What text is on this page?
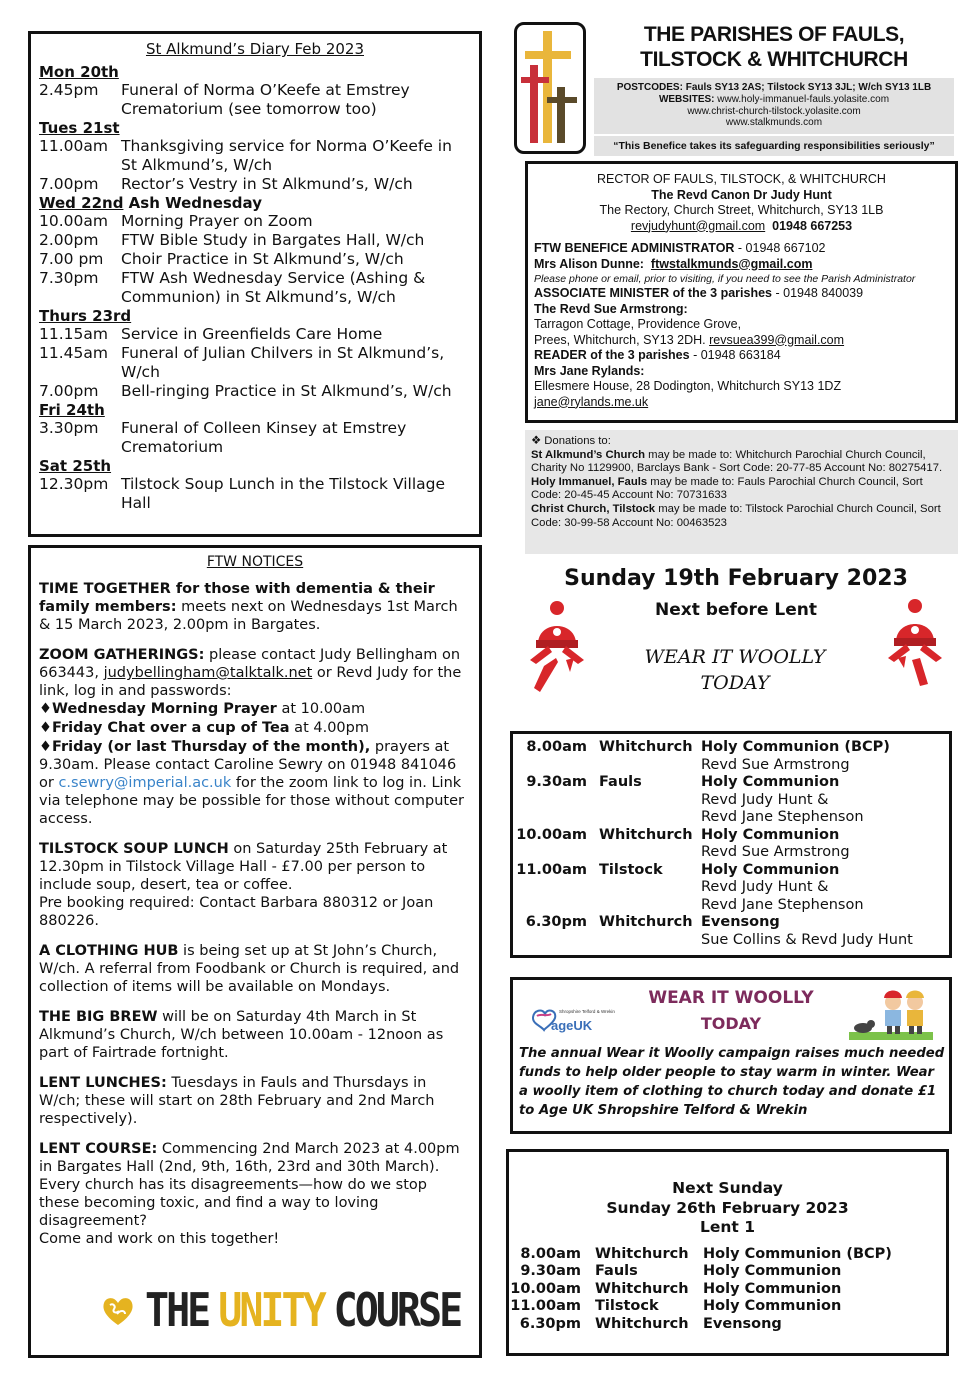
St Alkmund’s Diary Feb 2023
Mon 20th
2.45pm	Funeral of Norma O’Keefe at Emstrey Crematorium (see tomorrow too)
Tues 21st
11.00am Thanksgiving service for Norma O’Keefe in St Alkmund’s, W/ch
7.00pm	Rector’s Vestry in St Alkmund’s, W/ch
Wed 22nd Ash Wednesday
10.00am Morning Prayer on Zoom
2.00pm	FTW Bible Study in Bargates Hall, W/ch
7.00 pm	Choir Practice in St Alkmund’s, W/ch
7.30pm	FTW Ash Wednesday Service (Ashing & Communion) in St Alkmund’s, W/ch
Thurs 23rd
11.15am Service in Greenfields Care Home
11.45am Funeral of Julian Chilvers in St Alkmund’s, W/ch
7.00pm	Bell-ringing Practice in St Alkmund’s, W/ch
Fri 24th
3.30pm	Funeral of Colleen Kinsey at Emstrey Crematorium
Sat 25th
12.30pm Tilstock Soup Lunch in the Tilstock Village Hall
FTW NOTICES
TIME TOGETHER for those with dementia & their family members: meets next on Wednesdays 1st March & 15 March 2023, 2.00pm in Bargates.
ZOOM GATHERINGS: please contact Judy Bellingham on 663443, judybellingham@talktalk.net or Revd Judy for the link, log in and passwords:
♦Wednesday Morning Prayer at 10.00am
♦Friday Chat over a cup of Tea at 4.00pm
♦Friday (or last Thursday of the month), prayers at 9.30am. Please contact Caroline Sewry on 01948 841046 or c.sewry@imperial.ac.uk for the zoom link to log in. Link via telephone may be possible for those without computer access.
TILSTOCK SOUP LUNCH on Saturday 25th February at 12.30pm in Tilstock Village Hall - £7.00 per person to include soup, desert, tea or coffee.
Pre booking required: Contact Barbara 880312 or Joan 880226.
A CLOTHING HUB is being set up at St John’s Church, W/ch. A referral from Foodbank or Church is required, and collection of items will be available on Mondays.
THE BIG BREW will be on Saturday 4th March in St Alkmund’s Church, W/ch between 10.00am - 12noon as part of Fairtrade fortnight.
LENT LUNCHES: Tuesdays in Fauls and Thursdays in W/ch; these will start on 28th February and 2nd March respectively).
LENT COURSE: Commencing 2nd March 2023 at 4.00pm in Bargates Hall (2nd, 9th, 16th, 23rd and 30th March). Every church has its disagreements—how do we stop these becoming toxic, and find a way to loving disagreement?
Come and work on this together!
THE UNITY COURSE
THE PARISHES OF FAULS,
TILSTOCK & WHITCHURCH
POSTCODES: Fauls SY13 2AS; Tilstock SY13 3JL; W/ch SY13 1LB
WEBSITES: www.holy-immanuel-fauls.yolasite.com
www.christ-church-tilstock.yolasite.com
www.stalkmunds.com
“This Benefice takes its safeguarding responsibilities seriously”
RECTOR OF FAULS, TILSTOCK, & WHITCHURCH
The Revd Canon Dr Judy Hunt
The Rectory, Church Street, Whitchurch, SY13 1LB
revjudyhunt@gmail.com 01948 667253
FTW BENEFICE ADMINISTRATOR - 01948 667102
Mrs Alison Dunne: ftwstalkmunds@gmail.com
Please phone or email, prior to visiting, if you need to see the Parish Administrator
ASSOCIATE MINISTER of the 3 parishes - 01948 840039
The Revd Sue Armstrong:
Tarragon Cottage, Providence Grove,
Prees, Whitchurch, SY13 2DH. revsuea399@gmail.com
READER of the 3 parishes - 01948 663184
Mrs Jane Rylands:
Ellesmere House, 28 Dodington, Whitchurch SY13 1DZ
jane@rylands.me.uk
❖ Donations to:
St Alkmund’s Church may be made to: Whitchurch Parochial Church Council, Charity No 1129900, Barclays Bank - Sort Code: 20-77-85 Account No: 80275417.
Holy Immanuel, Fauls may be made to: Fauls Parochial Church Council, Sort Code: 20-45-45 Account No: 70731633
Christ Church, Tilstock may be made to: Tilstock Parochial Church Council, Sort Code: 30-99-58 Account No: 00463523
Sunday 19th February 2023
Next before Lent
WEAR IT WOOLLY
TODAY
8.00am Whitchurch Holy Communion (BCP)
Revd Sue Armstrong
9.30am Fauls	Holy Communion
Revd Judy Hunt &
Revd Jane Stephenson
10.00am Whitchurch Holy Communion
Revd Sue Armstrong
11.00am Tilstock	Holy Communion
Revd Judy Hunt &
Revd Jane Stephenson
6.30pm Whitchurch Evensong
Sue Collins & Revd Judy Hunt
Shropshire Telford & Wrekin
ageUK
WEAR IT WOOLLY
TODAY
The annual Wear it Woolly campaign raises much needed funds to help older people to stay warm in winter. Wear a woolly item of clothing to church today and donate £1 to Age UK Shropshire Telford & Wrekin
Next Sunday
Sunday 26th February 2023
Lent 1
8.00am Whitchurch Holy Communion (BCP)
9.30am Fauls	Holy Communion
10.00am Whitchurch Holy Communion
11.00am Tilstock	Holy Communion
6.30pm Whitchurch Evensong
